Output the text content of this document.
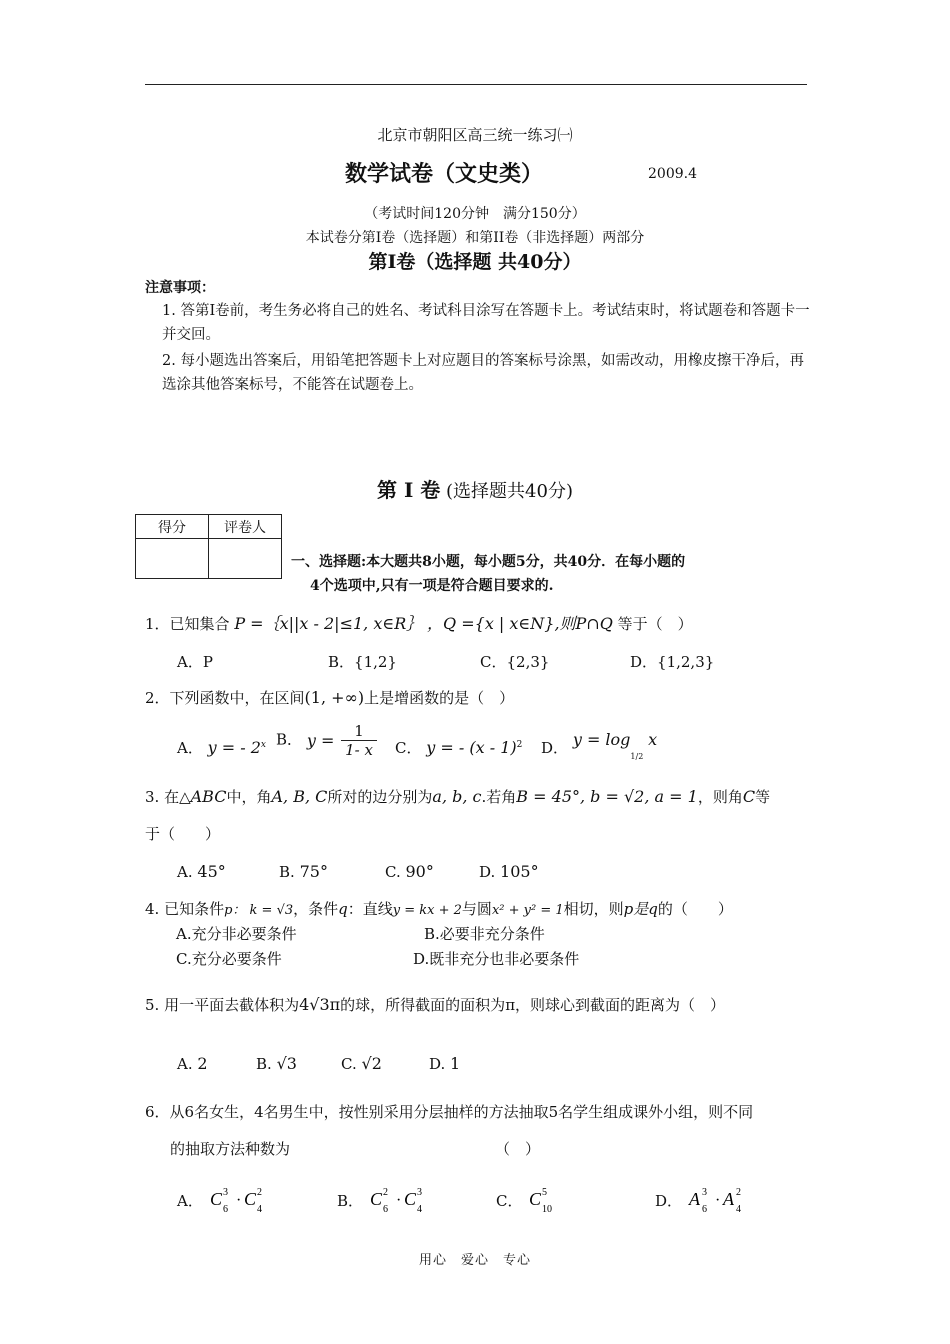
北京市朝阳区高三统一练习㈠
数学试卷（文史类）	2009.4
（考试时间120分钟　满分150分）
本试卷分第I卷（选择题）和第II卷（非选择题）两部分
第I卷（选择题 共40分）
注意事项：
1. 答第I卷前，考生务必将自己的姓名、考试科目涂写在答题卡上。考试结束时，将试题卷和答题卡一并交回。
2. 每小题选出答案后，用铅笔把答题卡上对应题目的答案标号涂黑，如需改动，用橡皮擦干净后，再选涂其他答案标号，不能答在试题卷上。
第 I 卷 (选择题共40分)
得分	评卷人

一、选择题:本大题共8小题，每小题5分，共40分．在每小题的
4个选项中,只有一项是符合题目要求的.
1．已知集合 P =｛x||x - 2|≤1, x∈R｝ ，Q ={x | x∈N},则P∩Q 等于（　）
A．P	B．{1,2}	C．{2,3}	D．{1,2,3}
2．下列函数中，在区间(1, +∞)上是增函数的是（　）
A． y = - 2$^x$ B． $y = \frac{1}{1- x}$ C． y = - (x - 1)$^2$ D． $y = \log_{1/2} x$
3. 在△ABC中，角A, B, C所对的边分别为a, b, c.若角B = 45°, b = √2, a = 1，则角C等
于（　　）
A. 45°	B. 75°	C. 90°	D. 105°
4. 已知条件p： k = √3，条件q：直线y = kx + 2与圆x² + y² = 1相切，则p是q的（　　）
A.充分非必要条件	B.必要非充分条件
C.充分必要条件	D.既非充分也非必要条件
5. 用一平面去截体积为4√3π的球，所得截面的面积为π，则球心到截面的距离为（　）
A. 2	B. √3	C. √2	D. 1
6．从6名女生，4名男生中，按性别采用分层抽样的方法抽取5名学生组成课外小组，则不同
的抽取方法种数为	（　）
A． C 3
6
· C 2
4	B． C 2
6
· C 3
4	C． C 5
10	D． A 3
6
· A 2
4
用心　爱心　专心
